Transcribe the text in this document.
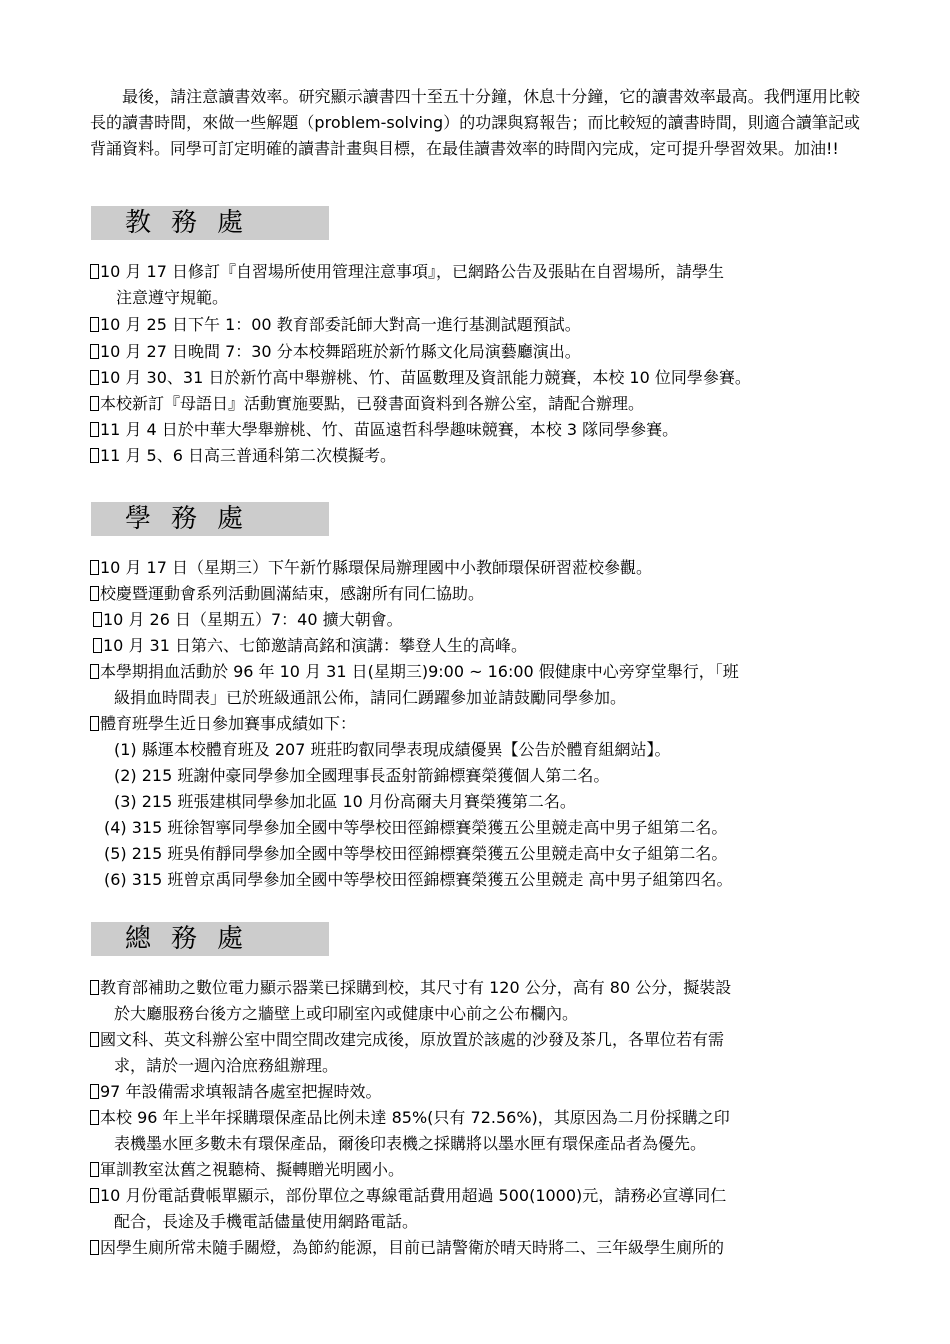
最後，請注意讀書效率。研究顯示讀書四十至五十分鐘，休息十分鐘，它的讀書效率最高。我們運用比較長的讀書時間，來做一些解題（problem-solving）的功課與寫報告；而比較短的讀書時間，則適合讀筆記或背誦資料。同學可訂定明確的讀書計畫與目標，在最佳讀書效率的時間內完成，定可提升學習效果。加油!!
教務處
10 月 17 日修訂『自習場所使用管理注意事項』，已網路公告及張貼在自習場所，請學生
注意遵守規範。
10 月 25 日下午 1：00 教育部委託師大對高一進行基測試題預試。
10 月 27 日晚間 7：30 分本校舞蹈班於新竹縣文化局演藝廳演出。
10 月 30、31 日於新竹高中舉辦桃、竹、苗區數理及資訊能力競賽，本校 10 位同學參賽。
本校新訂『母語日』活動實施要點，已發書面資料到各辦公室，請配合辦理。
11 月 4 日於中華大學舉辦桃、竹、苗區遠哲科學趣味競賽，本校 3 隊同學參賽。
11 月 5、6 日高三普通科第二次模擬考。
學務處
10 月 17 日（星期三）下午新竹縣環保局辦理國中小教師環保研習蒞校參觀。
校慶暨運動會系列活動圓滿結束，感謝所有同仁協助。
10 月 26 日（星期五）7：40 擴大朝會。
10 月 31 日第六、七節邀請高銘和演講：攀登人生的高峰。
本學期捐血活動於 96 年 10 月 31 日(星期三)9:00 ~ 16:00 假健康中心旁穿堂舉行，「班
級捐血時間表」已於班級通訊公佈，請同仁踴躍參加並請鼓勵同學參加。
體育班學生近日參加賽事成績如下：
(1) 縣運本校體育班及 207 班莊昀叡同學表現成績優異【公告於體育組網站】。
(2) 215 班謝仲豪同學參加全國理事長盃射箭錦標賽榮獲個人第二名。
(3) 215 班張建棋同學參加北區 10 月份高爾夫月賽榮獲第二名。
(4) 315 班徐智寧同學參加全國中等學校田徑錦標賽榮獲五公里競走高中男子組第二名。
(5) 215 班吳侑靜同學參加全國中等學校田徑錦標賽榮獲五公里競走高中女子組第二名。
(6) 315 班曾京禹同學參加全國中等學校田徑錦標賽榮獲五公里競走 高中男子組第四名。
總務處
教育部補助之數位電力顯示器業已採購到校，其尺寸有 120 公分，高有 80 公分，擬裝設
於大廳服務台後方之牆壁上或印刷室內或健康中心前之公布欄內。
國文科、英文科辦公室中間空間改建完成後，原放置於該處的沙發及茶几，各單位若有需
求，請於一週內洽庶務組辦理。
97 年設備需求填報請各處室把握時效。
本校 96 年上半年採購環保產品比例未達 85%(只有 72.56%)，其原因為二月份採購之印
表機墨水匣多數未有環保產品，爾後印表機之採購將以墨水匣有環保產品者為優先。
軍訓教室汰舊之視聽椅、擬轉贈光明國小。
10 月份電話費帳單顯示，部份單位之專線電話費用超過 500(1000)元，請務必宣導同仁
配合，長途及手機電話儘量使用網路電話。
因學生廁所常未隨手關燈，為節約能源，目前已請警衛於晴天時將二、三年級學生廁所的
